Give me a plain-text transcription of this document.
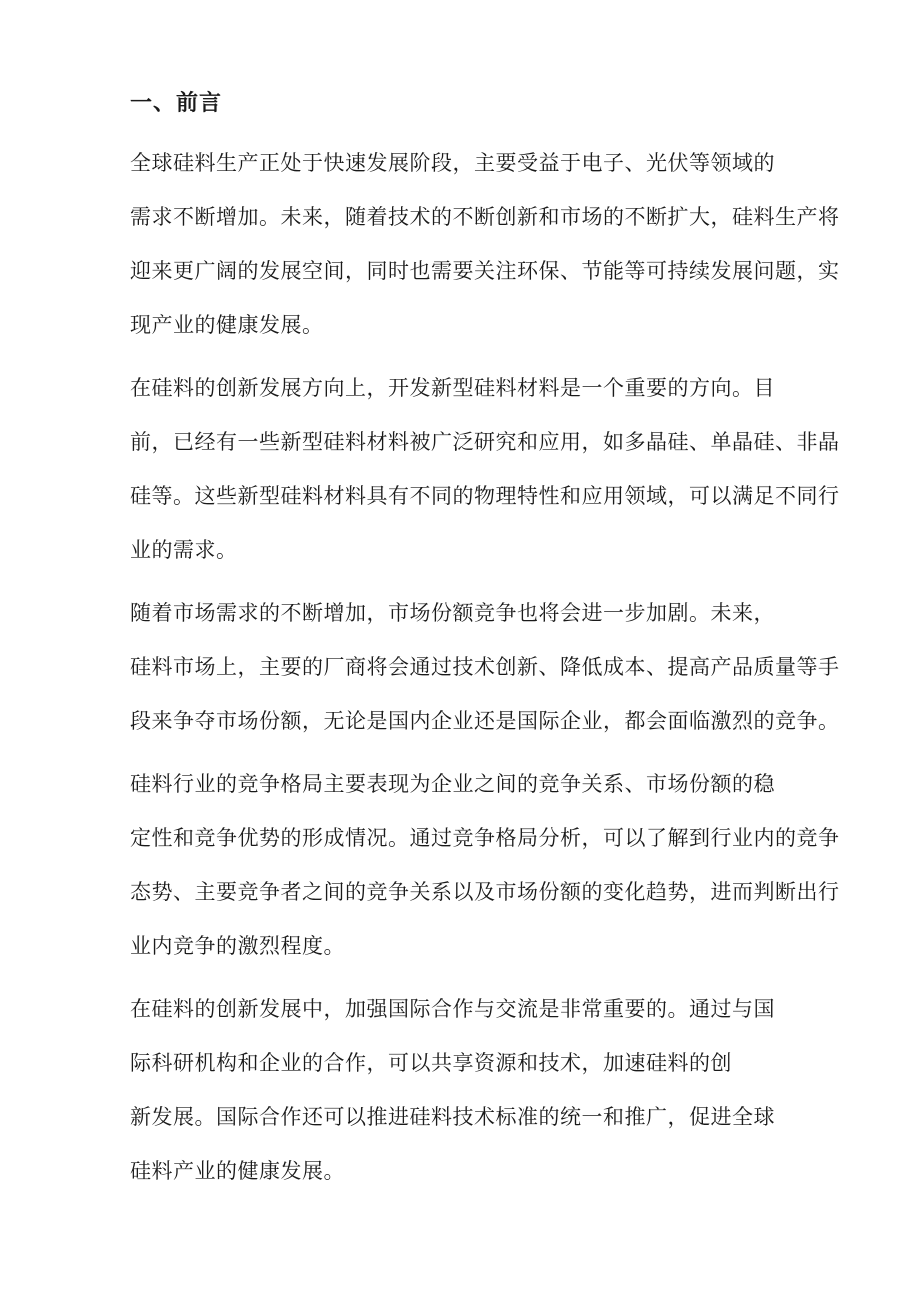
一、前言

全球硅料生产正处于快速发展阶段，主要受益于电子、光伏等领域的
需求不断增加。未来，随着技术的不断创新和市场的不断扩大，硅料生产将
迎来更广阔的发展空间，同时也需要关注环保、节能等可持续发展问题，实
现产业的健康发展。

在硅料的创新发展方向上，开发新型硅料材料是一个重要的方向。目
前，已经有一些新型硅料材料被广泛研究和应用，如多晶硅、单晶硅、非晶
硅等。这些新型硅料材料具有不同的物理特性和应用领域，可以满足不同行
业的需求。

随着市场需求的不断增加，市场份额竞争也将会进一步加剧。未来，
硅料市场上，主要的厂商将会通过技术创新、降低成本、提高产品质量等手
段来争夺市场份额，无论是国内企业还是国际企业，都会面临激烈的竞争。

硅料行业的竞争格局主要表现为企业之间的竞争关系、市场份额的稳
定性和竞争优势的形成情况。通过竞争格局分析，可以了解到行业内的竞争
态势、主要竞争者之间的竞争关系以及市场份额的变化趋势，进而判断出行
业内竞争的激烈程度。

在硅料的创新发展中，加强国际合作与交流是非常重要的。通过与国
际科研机构和企业的合作，可以共享资源和技术，加速硅料的创
新发展。国际合作还可以推进硅料技术标准的统一和推广，促进全球
硅料产业的健康发展。
